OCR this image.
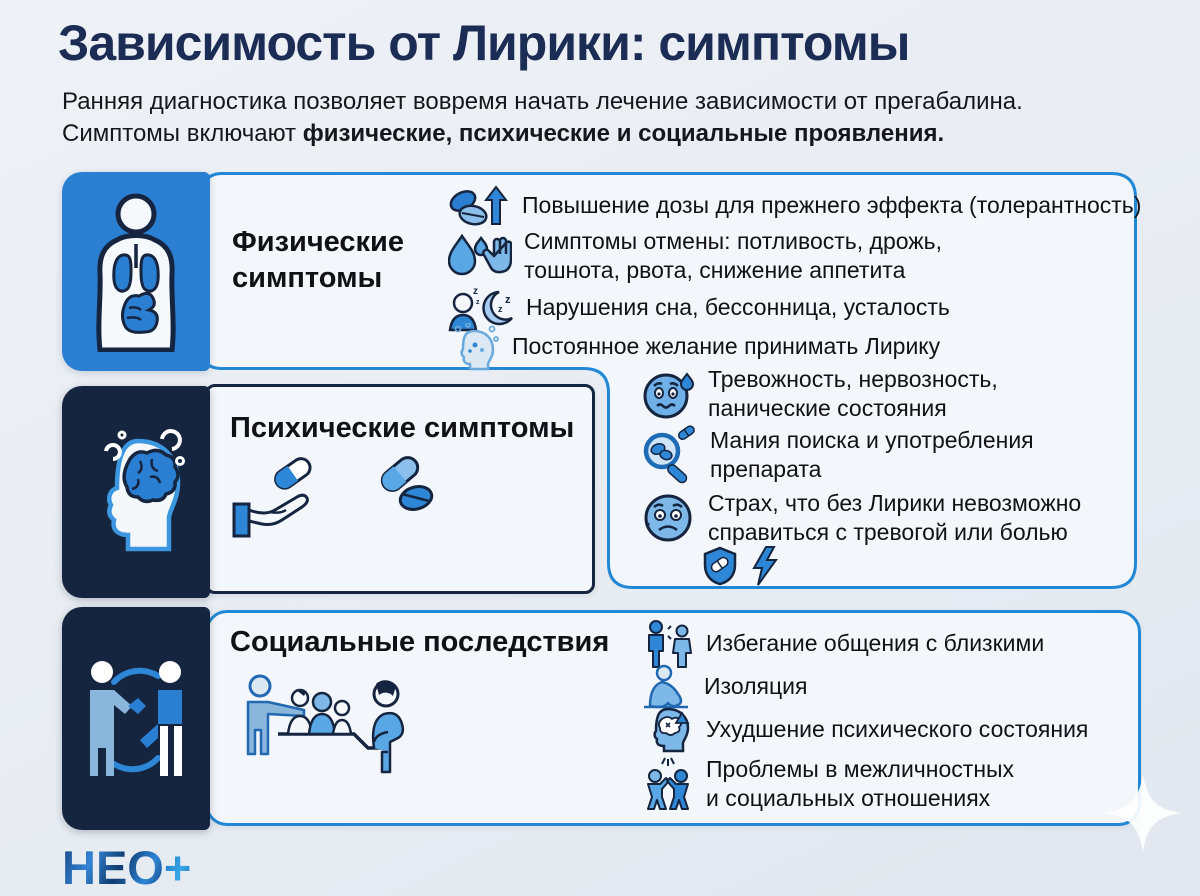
Зависимость от Лирики: симптомы
Ранняя диагностика позволяет вовремя начать лечение зависимости от прегабалина.
Симптомы включают физические, психические и социальные проявления.
Физические
симптомы
Повышение дозы для прежнего эффекта (толерантность)
Симптомы отмены: потливость, дрожь,
тошнота, рвота, снижение аппетита
z
z
z
z Нарушения сна, бессонница, усталость
Постоянное желание принимать Лирику
Психические симптомы
Тревожность, нервозность,
панические состояния
Мания поиска и употребления
препарата
Страх, что без Лирики невозможно
справиться с тревогой или болью
Социальные последствия	Избегание общения с близкими
Изоляция
Ухудшение психического состояния
Проблемы в межличностных
и социальных отношениях
НЕО+
